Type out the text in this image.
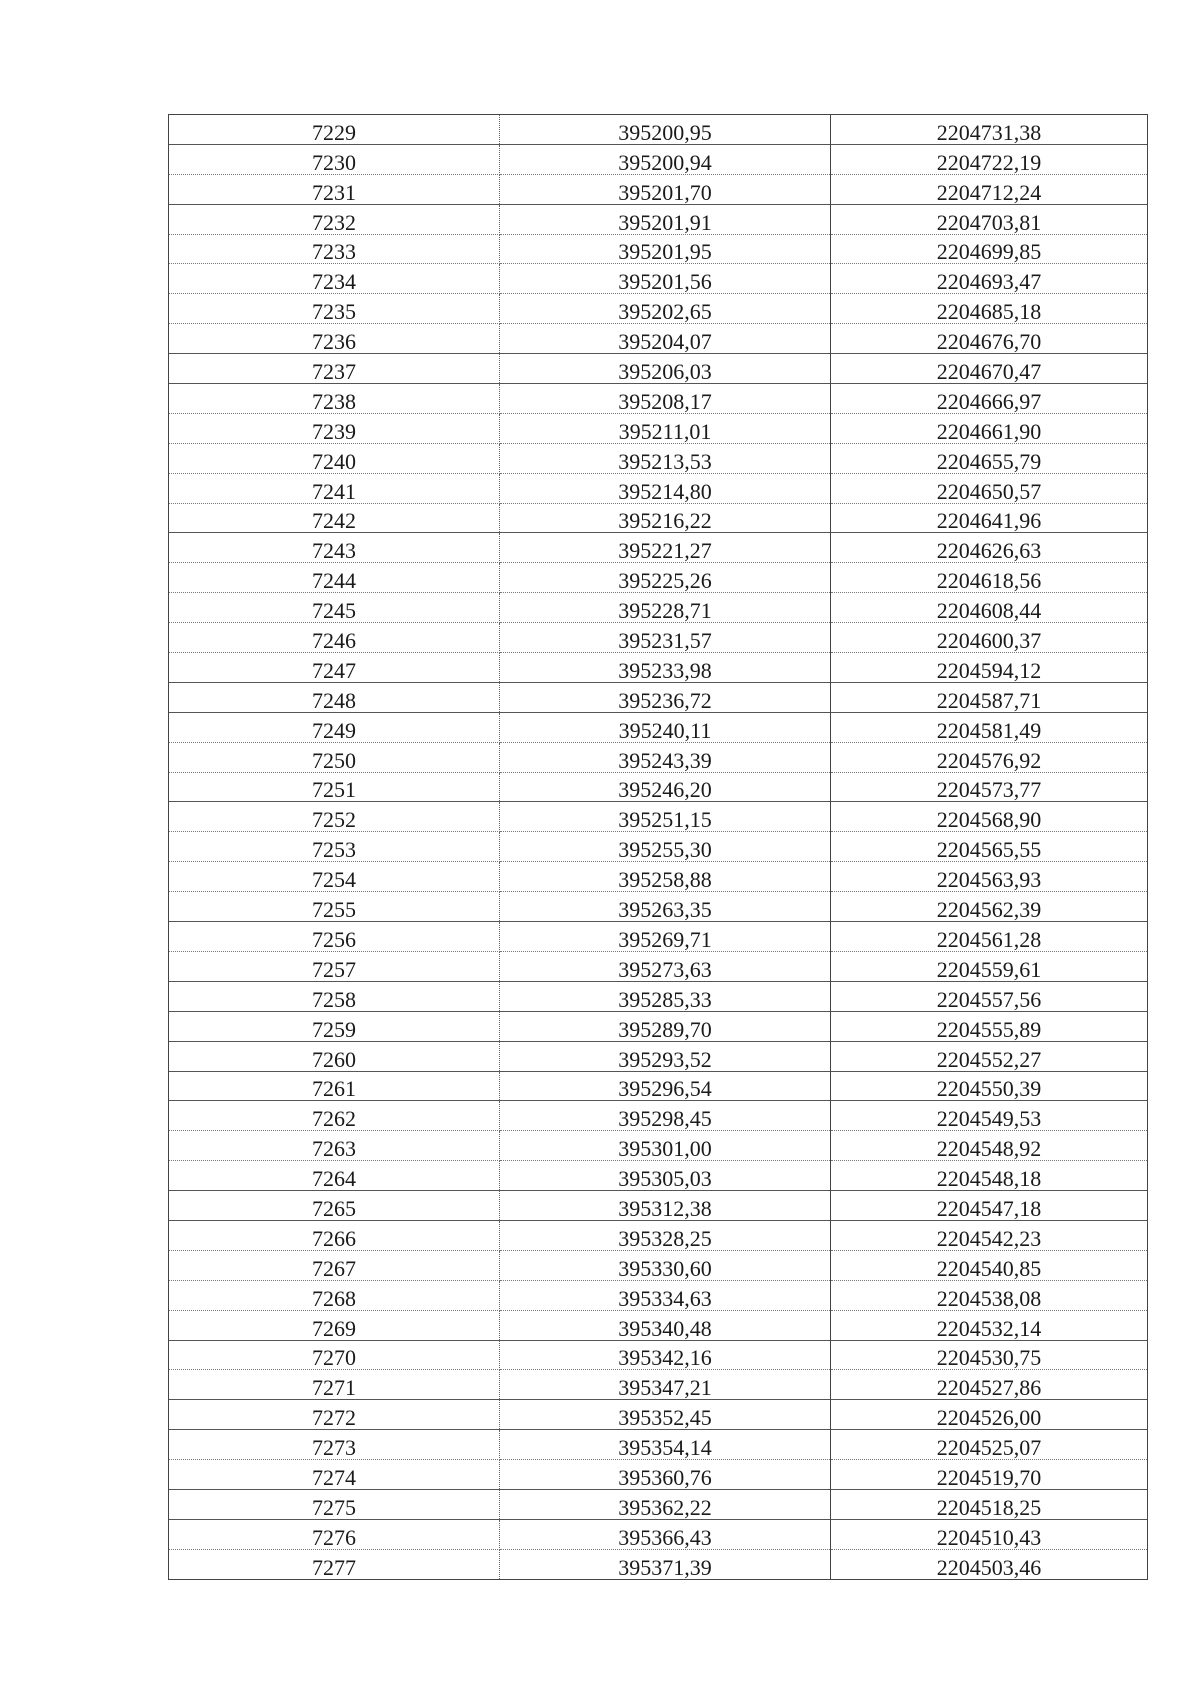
7229	395200,95	2204731,38
7230	395200,94	2204722,19
7231	395201,70	2204712,24
7232	395201,91	2204703,81
7233	395201,95	2204699,85
7234	395201,56	2204693,47
7235	395202,65	2204685,18
7236	395204,07	2204676,70
7237	395206,03	2204670,47
7238	395208,17	2204666,97
7239	395211,01	2204661,90
7240	395213,53	2204655,79
7241	395214,80	2204650,57
7242	395216,22	2204641,96
7243	395221,27	2204626,63
7244	395225,26	2204618,56
7245	395228,71	2204608,44
7246	395231,57	2204600,37
7247	395233,98	2204594,12
7248	395236,72	2204587,71
7249	395240,11	2204581,49
7250	395243,39	2204576,92
7251	395246,20	2204573,77
7252	395251,15	2204568,90
7253	395255,30	2204565,55
7254	395258,88	2204563,93
7255	395263,35	2204562,39
7256	395269,71	2204561,28
7257	395273,63	2204559,61
7258	395285,33	2204557,56
7259	395289,70	2204555,89
7260	395293,52	2204552,27
7261	395296,54	2204550,39
7262	395298,45	2204549,53
7263	395301,00	2204548,92
7264	395305,03	2204548,18
7265	395312,38	2204547,18
7266	395328,25	2204542,23
7267	395330,60	2204540,85
7268	395334,63	2204538,08
7269	395340,48	2204532,14
7270	395342,16	2204530,75
7271	395347,21	2204527,86
7272	395352,45	2204526,00
7273	395354,14	2204525,07
7274	395360,76	2204519,70
7275	395362,22	2204518,25
7276	395366,43	2204510,43
7277	395371,39	2204503,46
